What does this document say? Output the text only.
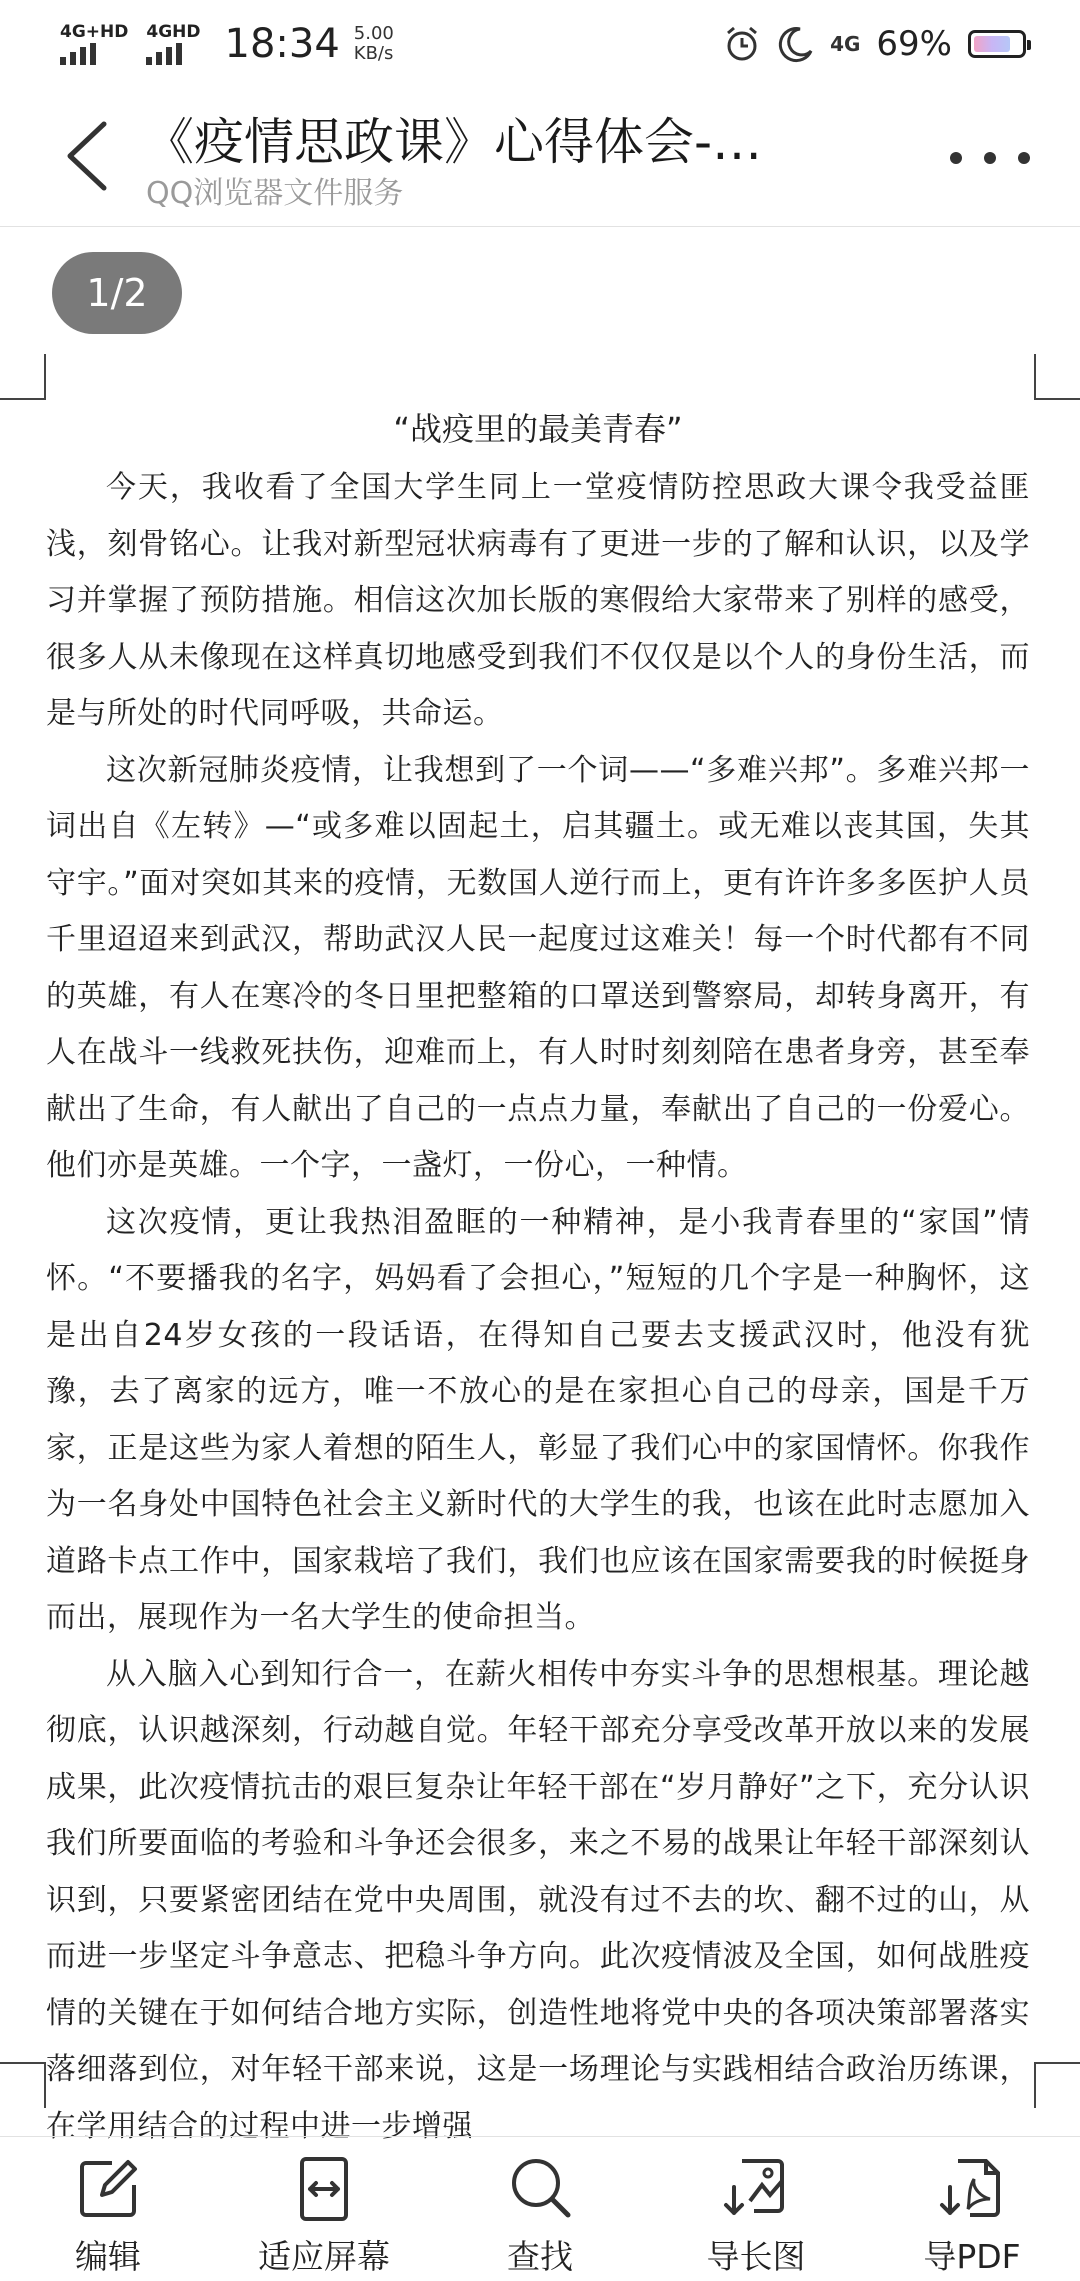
4G+HD 4GHD 18:34 5.00
KB/s	4G 69%
《疫情思政课》心得体会-…
QQ浏览器文件服务
1/2
“战疫里的最美青春”

今天，我收看了全国大学生同上一堂疫情防控思政大课令我受益匪浅，刻骨铭心。让我对新型冠状病毒有了更进一步的了解和认识，以及学习并掌握了预防措施。相信这次加长版的寒假给大家带来了别样的感受，很多人从未像现在这样真切地感受到我们不仅仅是以个人的身份生活，而是与所处的时代同呼吸，共命运。

这次新冠肺炎疫情，让我想到了一个词——“多难兴邦”。多难兴邦一词出自《左转》—“或多难以固起土，启其疆土。或无难以丧其国，失其守宇。”面对突如其来的疫情，无数国人逆行而上，更有许许多多医护人员千里迢迢来到武汉，帮助武汉人民一起度过这难关！每一个时代都有不同的英雄，有人在寒冷的冬日里把整箱的口罩送到警察局，却转身离开，有人在战斗一线救死扶伤，迎难而上，有人时时刻刻陪在患者身旁，甚至奉献出了生命，有人献出了自己的一点点力量，奉献出了自己的一份爱心。他们亦是英雄。一个字，一盏灯，一份心，一种情。

这次疫情，更让我热泪盈眶的一种精神，是小我青春里的“家国”情怀。“不要播我的名字，妈妈看了会担心，”短短的几个字是一种胸怀，这是出自24岁女孩的一段话语，在得知自己要去支援武汉时，他没有犹豫，去了离家的远方，唯一不放心的是在家担心自己的母亲，国是千万家，正是这些为家人着想的陌生人，彰显了我们心中的家国情怀。你我作为一名身处中国特色社会主义新时代的大学生的我，也该在此时志愿加入道路卡点工作中，国家栽培了我们，我们也应该在国家需要我的时候挺身而出，展现作为一名大学生的使命担当。

从入脑入心到知行合一，在薪火相传中夯实斗争的思想根基。理论越彻底，认识越深刻，行动越自觉。年轻干部充分享受改革开放以来的发展成果，此次疫情抗击的艰巨复杂让年轻干部在“岁月静好”之下，充分认识我们所要面临的考验和斗争还会很多，来之不易的战果让年轻干部深刻认识到，只要紧密团结在党中央周围，就没有过不去的坎、翻不过的山，从而进一步坚定斗争意志、把稳斗争方向。此次疫情波及全国，如何战胜疫情的关键在于如何结合地方实际，创造性地将党中央的各项决策部署落实落细落到位，对年轻干部来说，这是一场理论与实践相结合政治历练课，在学用结合的过程中进一步增强

编辑	适应屏幕	查找	导长图	导PDF
